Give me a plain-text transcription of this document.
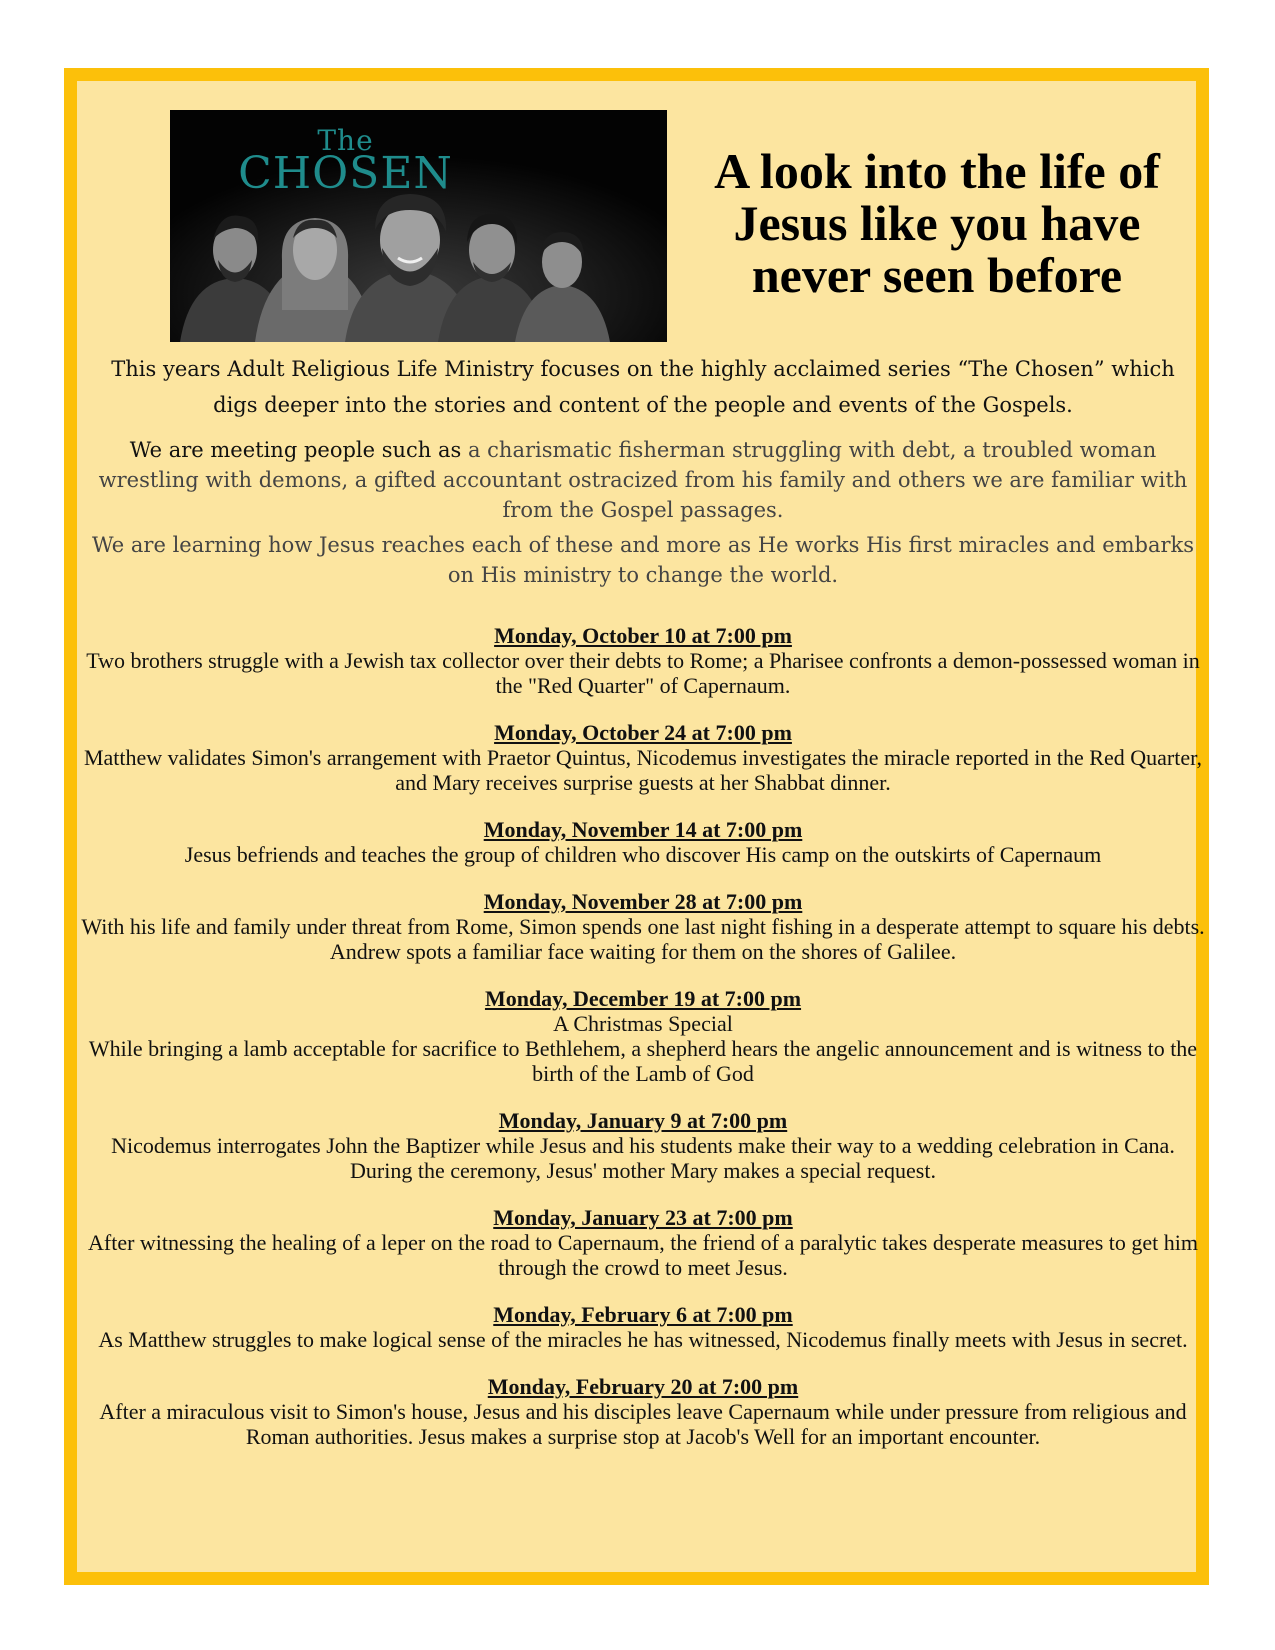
The

CHOSEN	A look into the life of Jesus like you have never seen before

This years Adult Religious Life Ministry focuses on the highly acclaimed series “The Chosen” which digs deeper into the stories and content of the people and events of the Gospels.

We are meeting people such as a charismatic fisherman struggling with debt, a troubled woman wrestling with demons, a gifted accountant ostracized from his family and others we are familiar with from the Gospel passages.

We are learning how Jesus reaches each of these and more as He works His first miracles and embarks on His ministry to change the world.

Monday, October 10 at 7:00 pm

Two brothers struggle with a Jewish tax collector over their debts to Rome; a Pharisee confronts a demon-possessed woman in the "Red Quarter" of Capernaum.

Monday, October 24 at 7:00 pm

Matthew validates Simon's arrangement with Praetor Quintus, Nicodemus investigates the miracle reported in the Red Quarter, and Mary receives surprise guests at her Shabbat dinner.

Monday, November 14 at 7:00 pm

Jesus befriends and teaches the group of children who discover His camp on the outskirts of Capernaum

Monday, November 28 at 7:00 pm

With his life and family under threat from Rome, Simon spends one last night fishing in a desperate attempt to square his debts. Andrew spots a familiar face waiting for them on the shores of Galilee.

Monday, December 19 at 7:00 pm

A Christmas Special

While bringing a lamb acceptable for sacrifice to Bethlehem, a shepherd hears the angelic announcement and is witness to the birth of the Lamb of God

Monday, January 9 at 7:00 pm

Nicodemus interrogates John the Baptizer while Jesus and his students make their way to a wedding celebration in Cana. During the ceremony, Jesus' mother Mary makes a special request.

Monday, January 23 at 7:00 pm

After witnessing the healing of a leper on the road to Capernaum, the friend of a paralytic takes desperate measures to get him through the crowd to meet Jesus.

Monday, February 6 at 7:00 pm

As Matthew struggles to make logical sense of the miracles he has witnessed, Nicodemus finally meets with Jesus in secret.

Monday, February 20 at 7:00 pm

After a miraculous visit to Simon's house, Jesus and his disciples leave Capernaum while under pressure from religious and Roman authorities. Jesus makes a surprise stop at Jacob's Well for an important encounter.
